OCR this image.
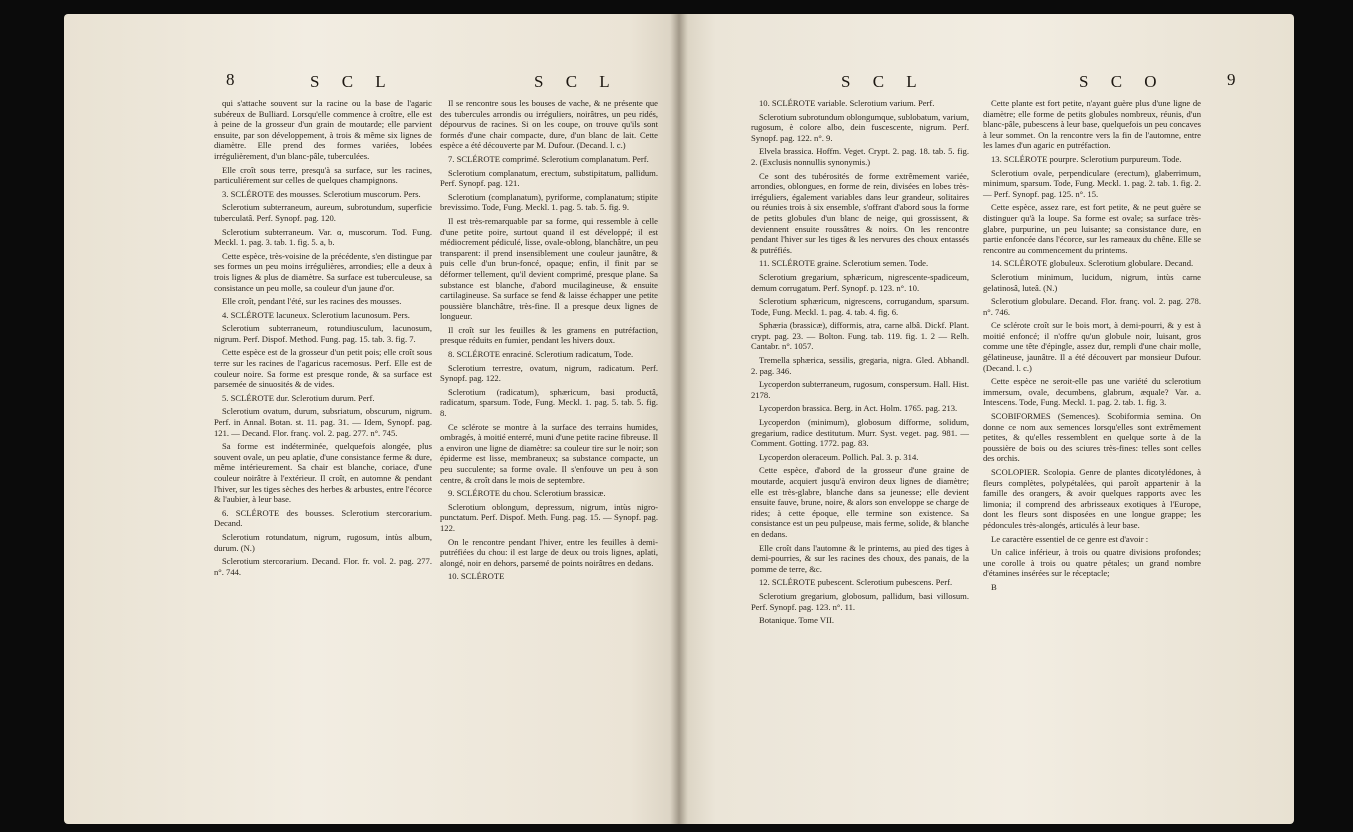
8	S C L	S C L

qui s'attache souvent sur la racine ou la base de l'agaric subéreux de Bulliard. Lorsqu'elle commence à croître, elle est à peine de la grosseur d'un grain de moutarde; elle parvient ensuite, par son développement, à trois & même six lignes de diamètre. Elle prend des formes variées, lobées irrégulièrement, d'un blanc-pâle, tuberculées.

Elle croît sous terre, presqu'à sa surface, sur les racines, particuliérement sur celles de quelques champignons.

3. SCLÉROTE des mousses. Sclerotium muscorum. Pers.

Sclerotium subterraneum, aureum, subrotundum, superficie tuberculatâ. Perf. Synopf. pag. 120.

Sclerotium subterraneum. Var. α, muscorum. Tod. Fung. Meckl. 1. pag. 3. tab. 1. fig. 5. a, b.

Cette espèce, très-voisine de la précédente, s'en distingue par ses formes un peu moins irrégulières, arrondies; elle a deux à trois lignes & plus de diamètre. Sa surface est tuberculeuse, sa consistance un peu molle, sa couleur d'un jaune d'or.

Elle croît, pendant l'été, sur les racines des mousses.

4. SCLÉROTE lacuneux. Sclerotium lacunosum. Pers.

Sclerotium subterraneum, rotundiusculum, lacunosum, nigrum. Perf. Dispof. Method. Fung. pag. 15. tab. 3. fig. 7.

Cette espèce est de la grosseur d'un petit pois; elle croît sous terre sur les racines de l'agaricus racemosus. Perf. Elle est de couleur noire. Sa forme est presque ronde, & sa surface est parsemée de sinuosités & de vides.

5. SCLÉROTE dur. Sclerotium durum. Perf.

Sclerotium ovatum, durum, subsriatum, obscurum, nigrum. Perf. in Annal. Botan. st. 11. pag. 31. — Idem, Synopf. pag. 121. — Decand. Flor. franç. vol. 2. pag. 277. n°. 745.

Sa forme est indéterminée, quelquefois alongée, plus souvent ovale, un peu aplatie, d'une consistance ferme & dure, même intérieurement. Sa chair est blanche, coriace, d'une couleur noirâtre à l'extérieur. Il croît, en automne & pendant l'hiver, sur les tiges sèches des herbes & arbustes, entre l'écorce & l'aubier, à leur base.

6. SCLÉROTE des bousses. Sclerotium stercorarium. Decand.

Sclerotium rotundatum, nigrum, rugosum, intùs album, durum. (N.)

Sclerotium stercorarium. Decand. Flor. fr. vol. 2. pag. 277. n°. 744.

Il se rencontre sous les bouses de vache, & ne présente que des tubercules arrondis ou irréguliers, noirâtres, un peu ridés, dépourvus de racines. Si on les coupe, on trouve qu'ils sont formés d'une chair compacte, dure, d'un blanc de lait. Cette espèce a été découverte par M. Dufour. (Decand. l. c.)

7. SCLÉROTE comprimé. Sclerotium complanatum. Perf.

Sclerotium complanatum, erectum, substipitatum, pallidum. Perf. Synopf. pag. 121.

Sclerotium (complanatum), pyriforme, complanatum; stipite brevissimo. Tode, Fung. Meckl. 1. pag. 5. tab. 5. fig. 9.

Il est très-remarquable par sa forme, qui ressemble à celle d'une petite poire, surtout quand il est développé; il est médiocrement pédiculé, lisse, ovale-oblong, blanchâtre, un peu transparent: il prend insensiblement une couleur jaunâtre, & puis celle d'un brun-foncé, opaque; enfin, il finit par se déformer tellement, qu'il devient comprimé, presque plane. Sa substance est blanche, d'abord mucilagineuse, & ensuite cartilagineuse. Sa surface se fend & laisse échapper une petite poussière blanchâtre, très-fine. Il a presque deux lignes de longueur.

Il croît sur les feuilles & les gramens en putréfaction, presque réduits en fumier, pendant les hivers doux.

8. SCLÉROTE enraciné. Sclerotium radicatum, Tode.

Sclerotium terrestre, ovatum, nigrum, radicatum. Perf. Synopf. pag. 122.

Sclerotium (radicatum), sphæricum, basi productâ, radicatum, sparsum. Tode, Fung. Meckl. 1. pag. 5. tab. 5. fig. 8.

Ce sclérote se montre à la surface des terrains humides, ombragés, à moitié enterré, muni d'une petite racine fibreuse. Il a environ une ligne de diamètre: sa couleur tire sur le noir; son épiderme est lisse, membraneux; sa substance compacte, un peu succulente; sa forme ovale. Il s'enfouve un peu à son centre, & croît dans le mois de septembre.

9. SCLÉROTE du chou. Sclerotium brassicæ.

Sclerotium oblongum, depressum, nigrum, intùs nigro-punctatum. Perf. Dispof. Meth. Fung. pag. 15. — Synopf. pag. 122.

On le rencontre pendant l'hiver, entre les feuilles à demi-putréfiées du chou: il est large de deux ou trois lignes, aplati, alongé, noir en dehors, parsemé de points noirâtres en dedans.

10. SCLÉROTE

S C L	S C O	9

10. SCLÉROTE variable. Sclerotium varium. Perf.

Sclerotium subrotundum oblongumque, sublobatum, varium, rugosum, è colore albo, dein fuscescente, nigrum. Perf. Synopf. pag. 122. n°. 9.

Elvela brassica. Hoffm. Veget. Crypt. 2. pag. 18. tab. 5. fig. 2. (Exclusis nonnullis synonymis.)

Ce sont des tubérosités de forme extrêmement variée, arrondies, oblongues, en forme de rein, divisées en lobes très-irréguliers, également variables dans leur grandeur, solitaires ou réunies trois à six ensemble, s'offrant d'abord sous la forme de petits globules d'un blanc de neige, qui grossissent, & deviennent ensuite roussâtres & noirs. On les rencontre pendant l'hiver sur les tiges & les nervures des choux entassés & putréfiés.

11. SCLÉROTE graine. Sclerotium semen. Tode.

Sclerotium gregarium, sphæricum, nigrescente-spadiceum, demum corrugatum. Perf. Synopf. p. 123. n°. 10.

Sclerotium sphæricum, nigrescens, corrugandum, sparsum. Tode, Fung. Meckl. 1. pag. 4. tab. 4. fig. 6.

Sphæria (brassicæ), difformis, atra, carne albâ. Dickf. Plant. crypt. pag. 23. — Bolton. Fung. tab. 119. fig. 1. 2 — Relh. Cantabr. n°. 1057.

Tremella sphærica, sessilis, gregaria, nigra. Gled. Abhandl. 2. pag. 346.

Lycoperdon subterraneum, rugosum, conspersum. Hall. Hist. 2178.

Lycoperdon brassica. Berg. in Act. Holm. 1765. pag. 213.

Lycoperdon (minimum), globosum difforme, solidum, gregarium, radice destitutum. Murr. Syst. veget. pag. 981. — Comment. Gotting. 1772. pag. 83.

Lycoperdon oleraceum. Pollich. Pal. 3. p. 314.

Cette espèce, d'abord de la grosseur d'une graine de moutarde, acquiert jusqu'à environ deux lignes de diamètre; elle est très-glabre, blanche dans sa jeunesse; elle devient ensuite fauve, brune, noire, & alors son enveloppe se charge de rides; à cette époque, elle termine son existence. Sa consistance est un peu pulpeuse, mais ferme, solide, & blanche en dedans.

Elle croît dans l'automne & le printems, au pied des tiges à demi-pourries, & sur les racines des choux, des panais, de la pomme de terre, &c.

12. SCLÉROTE pubescent. Sclerotium pubescens. Perf.

Sclerotium gregarium, globosum, pallidum, basi villosum. Perf. Synopf. pag. 123. n°. 11.

Botanique. Tome VII.

Cette plante est fort petite, n'ayant guère plus d'une ligne de diamètre; elle forme de petits globules nombreux, réunis, d'un blanc-pâle, pubescens à leur base, quelquefois un peu concaves à leur sommet. On la rencontre vers la fin de l'automne, entre les lames d'un agaric en putréfaction.

13. SCLÉROTE pourpre. Sclerotium purpureum. Tode.

Sclerotium ovale, perpendiculare (erectum), glaberrimum, minimum, sparsum. Tode, Fung. Meckl. 1. pag. 2. tab. 1. fig. 2. — Perf. Synopf. pag. 125. n°. 15.

Cette espèce, assez rare, est fort petite, & ne peut guère se distinguer qu'à la loupe. Sa forme est ovale; sa surface très-glabre, purpurine, un peu luisante; sa consistance dure, en partie enfoncée dans l'écorce, sur les rameaux du chêne. Elle se rencontre au commencement du printems.

14. SCLÉROTE globuleux. Sclerotium globulare. Decand.

Sclerotium minimum, lucidum, nigrum, intùs carne gelatinosâ, luteâ. (N.)

Sclerotium globulare. Decand. Flor. franç. vol. 2. pag. 278. n°. 746.

Ce sclérote croît sur le bois mort, à demi-pourri, & y est à moitié enfoncé; il n'offre qu'un globule noir, luisant, gros comme une tête d'épingle, assez dur, rempli d'une chair molle, gélatineuse, jaunâtre. Il a été découvert par monsieur Dufour. (Decand. l. c.)

Cette espèce ne seroit-elle pas une variété du sclerotium immersum, ovale, decumbens, glabrum, æquale? Var. a. Intescens. Tode, Fung. Meckl. 1. pag. 2. tab. 1. fig. 3.

SCOBIFORMES (Semences). Scobiformia semina. On donne ce nom aux semences lorsqu'elles sont extrêmement petites, & qu'elles ressemblent en quelque sorte à de la poussière de bois ou des sciures très-fines: telles sont celles des orchis.

SCOLOPIER. Scolopia. Genre de plantes dicotylédones, à fleurs complètes, polypétalées, qui paroît appartenir à la famille des orangers, & avoir quelques rapports avec les limonia; il comprend des arbrisseaux exotiques à l'Europe, dont les fleurs sont disposées en une longue grappe; les pédoncules très-alongés, articulés à leur base.

Le caractère essentiel de ce genre est d'avoir :

Un calice inférieur, à trois ou quatre divisions profondes; une corolle à trois ou quatre pétales; un grand nombre d'étamines insérées sur le réceptacle;

B
